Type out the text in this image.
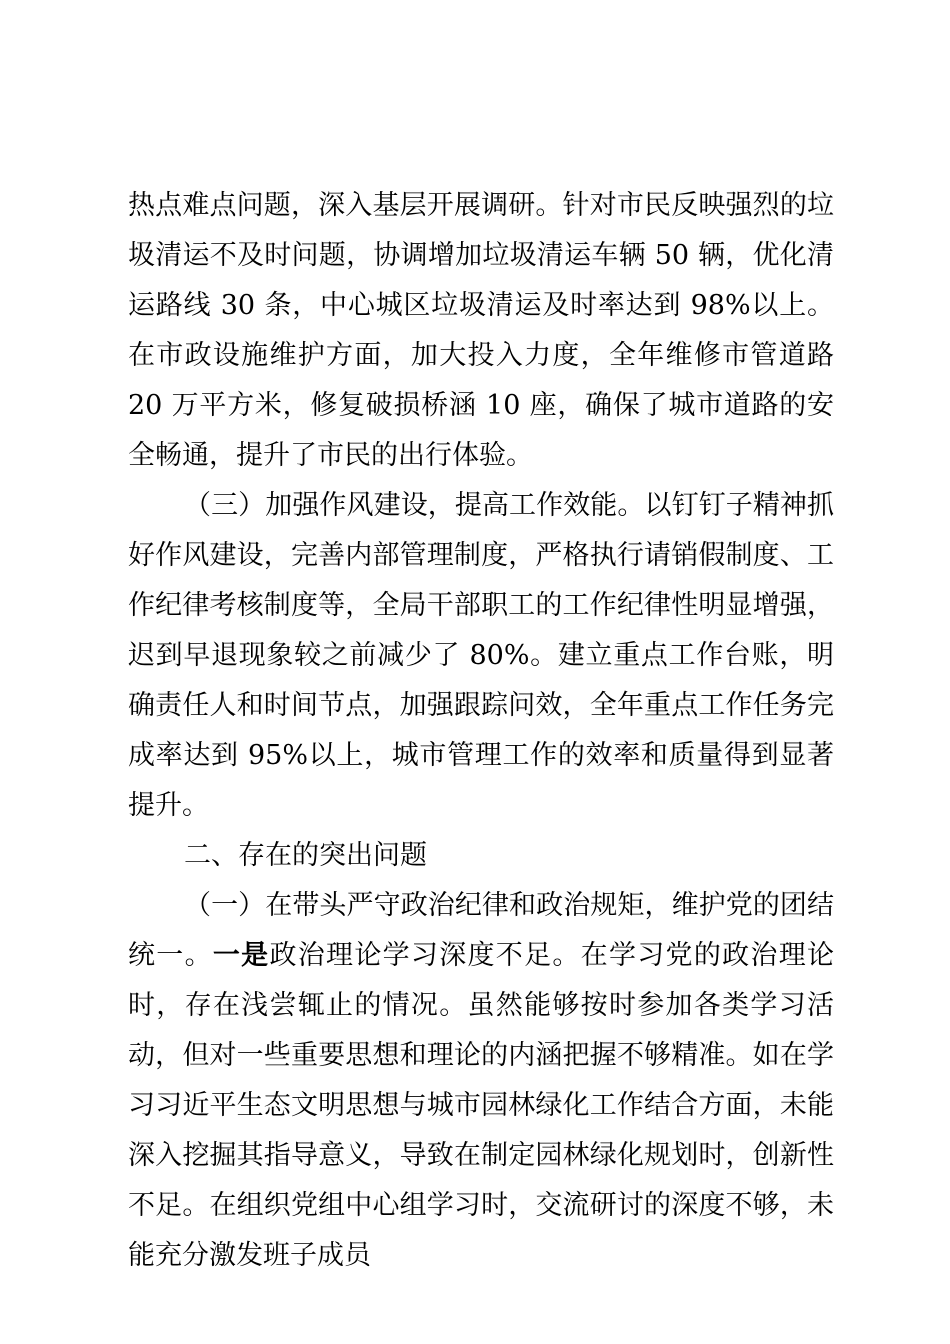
热点难点问题，深入基层开展调研。针对市民反映强烈的垃圾清运不及时问题，协调增加垃圾清运车辆 50 辆，优化清运路线 30 条，中心城区垃圾清运及时率达到 98%以上。在市政设施维护方面，加大投入力度，全年维修市管道路 20 万平方米，修复破损桥涵 10 座，确保了城市道路的安全畅通，提升了市民的出行体验。

（三）加强作风建设，提高工作效能。以钉钉子精神抓好作风建设，完善内部管理制度，严格执行请销假制度、工作纪律考核制度等，全局干部职工的工作纪律性明显增强，迟到早退现象较之前减少了 80%。建立重点工作台账，明确责任人和时间节点，加强跟踪问效，全年重点工作任务完成率达到 95%以上，城市管理工作的效率和质量得到显著提升。

二、存在的突出问题

（一）在带头严守政治纪律和政治规矩，维护党的团结统一。一是政治理论学习深度不足。在学习党的政治理论时，存在浅尝辄止的情况。虽然能够按时参加各类学习活动，但对一些重要思想和理论的内涵把握不够精准。如在学习习近平生态文明思想与城市园林绿化工作结合方面，未能深入挖掘其指导意义，导致在制定园林绿化规划时，创新性不足。在组织党组中心组学习时，交流研讨的深度不够，未能充分激发班子成员
